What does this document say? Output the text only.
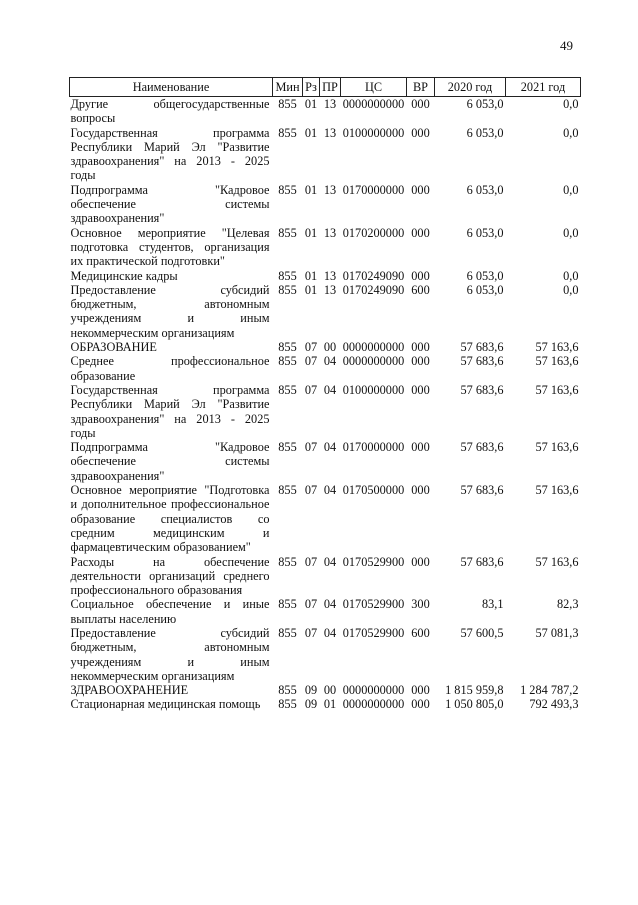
49
Наименование	Мин	Рз	ПР	ЦС	ВР	2020 год	2021 год
Другие общегосударственные вопросы	855	01	13	0000000000	000	6 053,0	0,0
Государственная программа Республики Марий Эл "Развитие здравоохранения" на 2013 - 2025 годы	855	01	13	0100000000	000	6 053,0	0,0
Подпрограмма "Кадровое обеспечение системы здравоохранения"	855	01	13	0170000000	000	6 053,0	0,0
Основное мероприятие "Целевая подготовка студентов, организация их практической подготовки"	855	01	13	0170200000	000	6 053,0	0,0
Медицинские кадры	855	01	13	0170249090	000	6 053,0	0,0
Предоставление субсидий бюджетным, автономным учреждениям и иным некоммерческим организациям	855	01	13	0170249090	600	6 053,0	0,0
ОБРАЗОВАНИЕ	855	07	00	0000000000	000	57 683,6	57 163,6
Среднее профессиональное образование	855	07	04	0000000000	000	57 683,6	57 163,6
Государственная программа Республики Марий Эл "Развитие здравоохранения" на 2013 - 2025 годы	855	07	04	0100000000	000	57 683,6	57 163,6
Подпрограмма "Кадровое обеспечение системы здравоохранения"	855	07	04	0170000000	000	57 683,6	57 163,6
Основное мероприятие "Подготовка и дополнительное профессиональное образование специалистов со средним медицинским и фармацевтическим образованием"	855	07	04	0170500000	000	57 683,6	57 163,6
Расходы на обеспечение деятельности организаций среднего профессионального образования	855	07	04	0170529900	000	57 683,6	57 163,6
Социальное обеспечение и иные выплаты населению	855	07	04	0170529900	300	83,1	82,3
Предоставление субсидий бюджетным, автономным учреждениям и иным некоммерческим организациям	855	07	04	0170529900	600	57 600,5	57 081,3
ЗДРАВООХРАНЕНИЕ	855	09	00	0000000000	000	1 815 959,8	1 284 787,2
Стационарная медицинская помощь	855	09	01	0000000000	000	1 050 805,0	792 493,3
